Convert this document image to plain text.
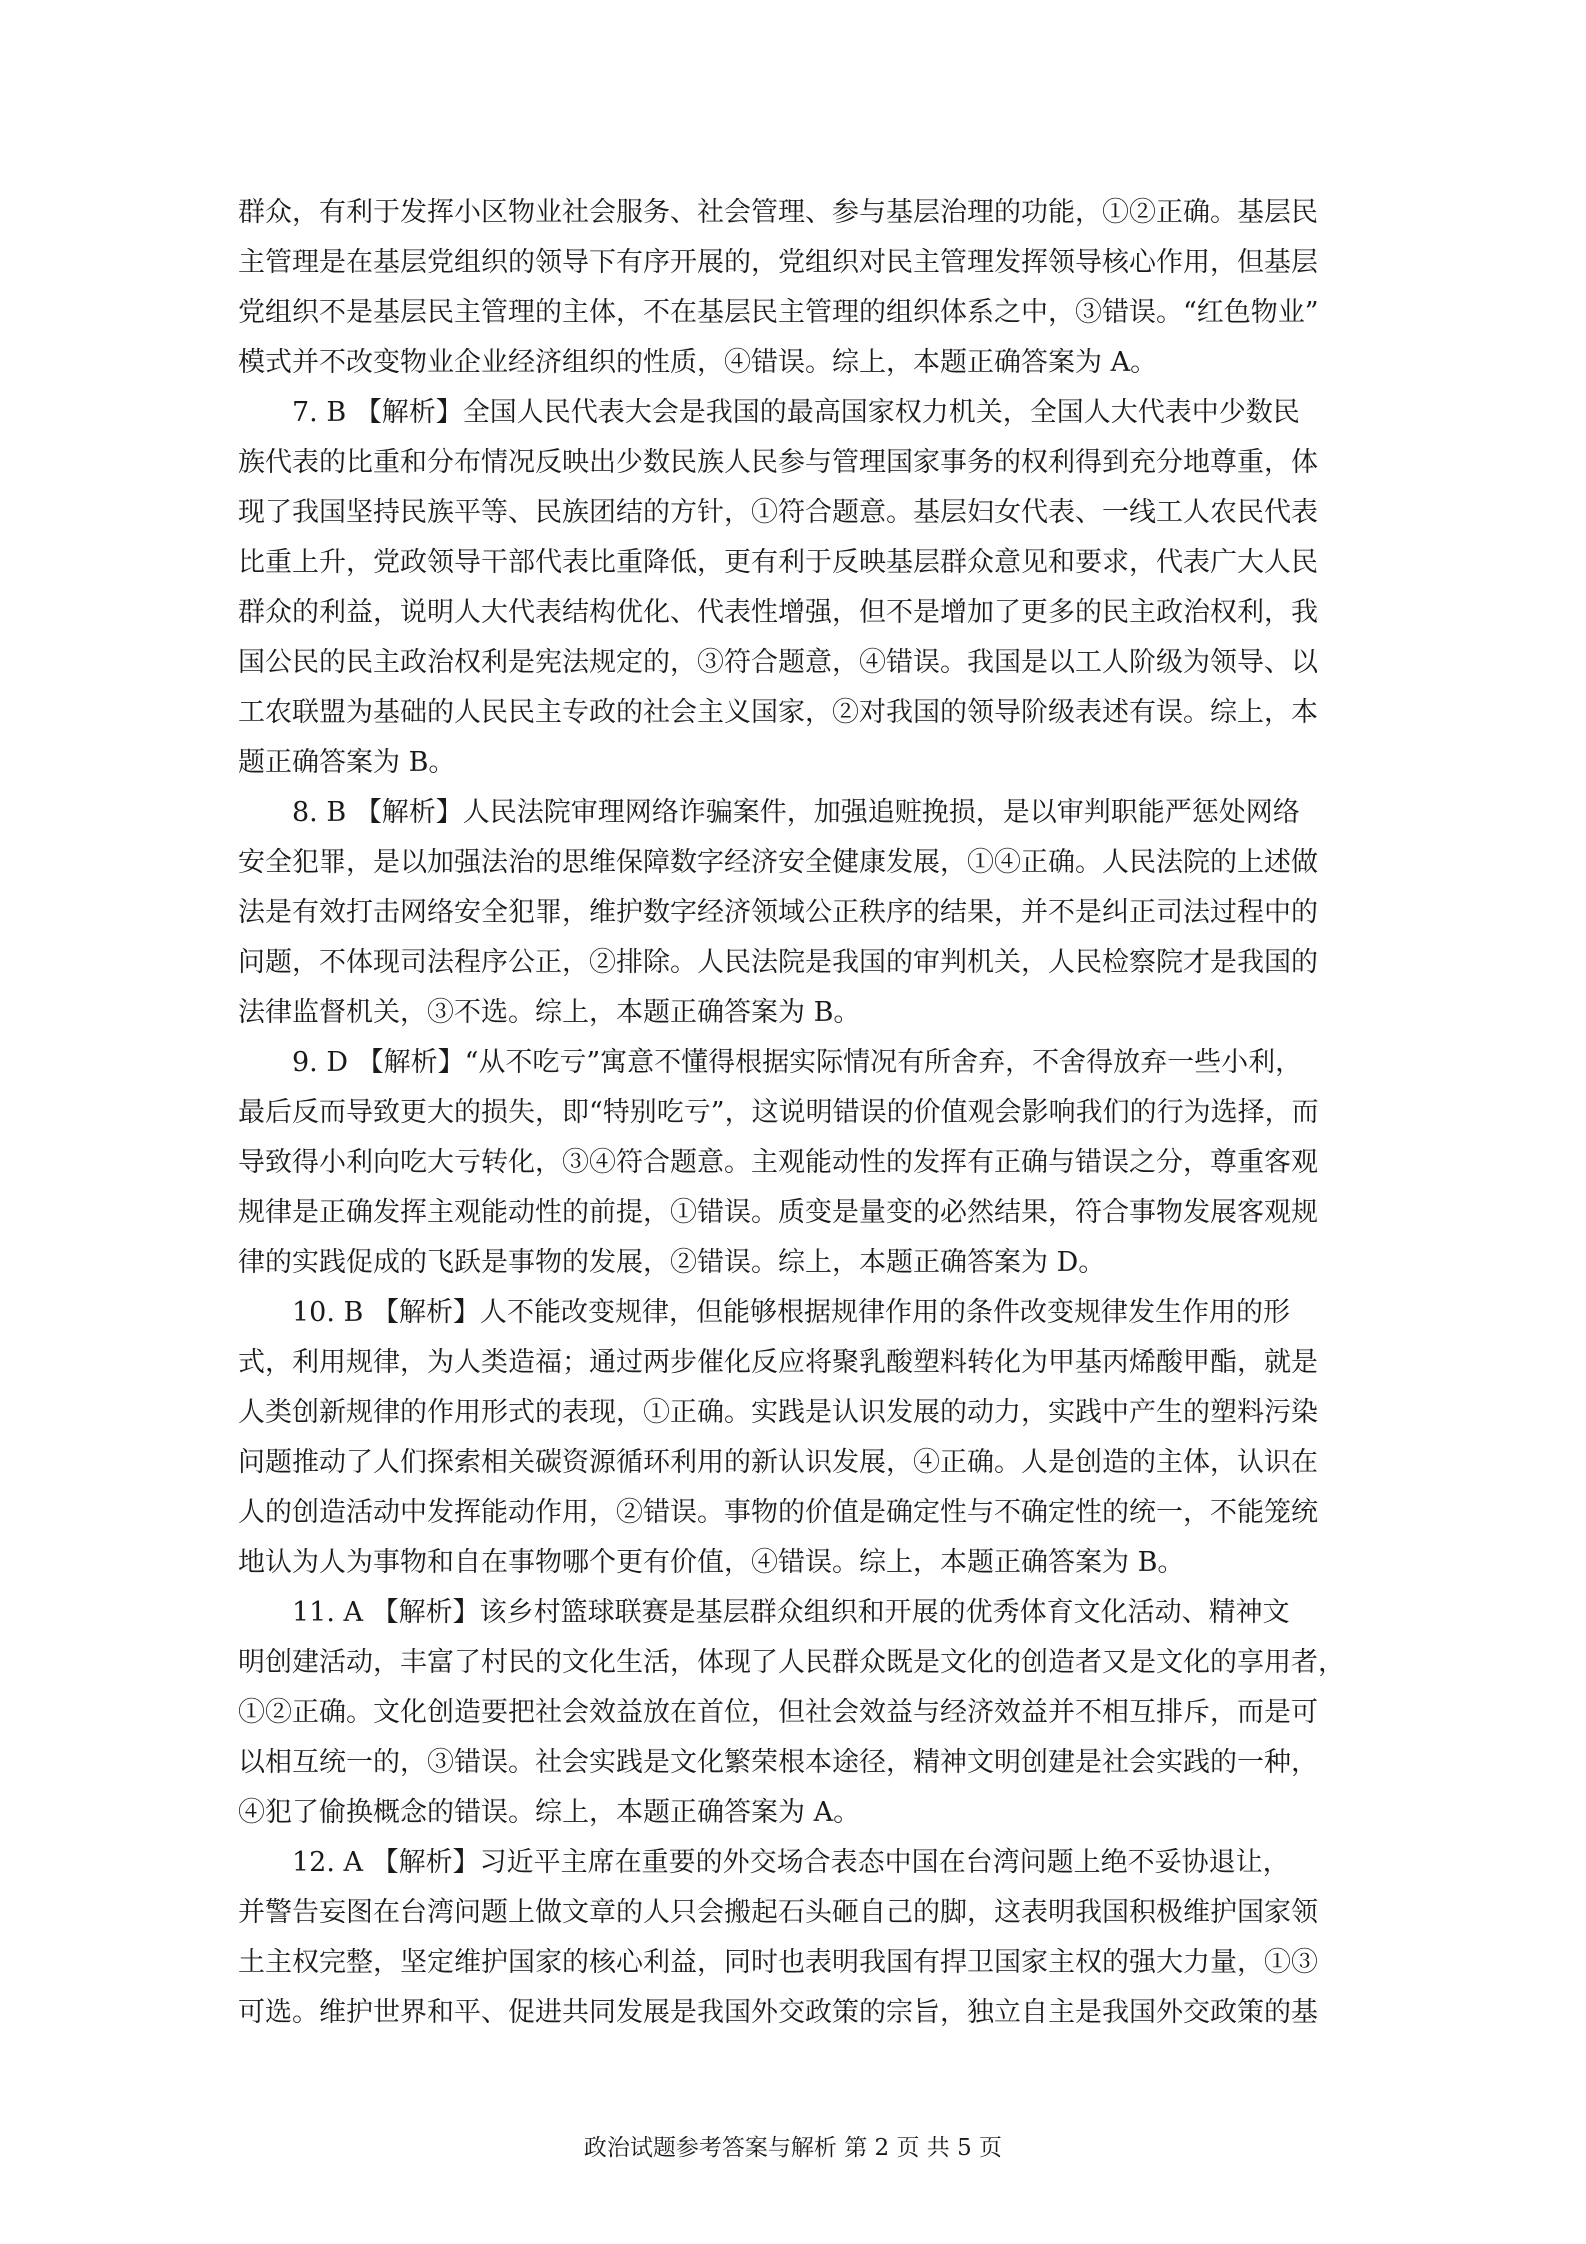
群众，有利于发挥小区物业社会服务、社会管理、参与基层治理的功能，①②正确。基层民
主管理是在基层党组织的领导下有序开展的，党组织对民主管理发挥领导核心作用，但基层
党组织不是基层民主管理的主体，不在基层民主管理的组织体系之中，③错误。“红色物业”
模式并不改变物业企业经济组织的性质，④错误。综上，本题正确答案为 A。
7. B 【解析】全国人民代表大会是我国的最高国家权力机关，全国人大代表中少数民
族代表的比重和分布情况反映出少数民族人民参与管理国家事务的权利得到充分地尊重，体
现了我国坚持民族平等、民族团结的方针，①符合题意。基层妇女代表、一线工人农民代表
比重上升，党政领导干部代表比重降低，更有利于反映基层群众意见和要求，代表广大人民
群众的利益，说明人大代表结构优化、代表性增强，但不是增加了更多的民主政治权利，我
国公民的民主政治权利是宪法规定的，③符合题意，④错误。我国是以工人阶级为领导、以
工农联盟为基础的人民民主专政的社会主义国家，②对我国的领导阶级表述有误。综上，本
题正确答案为 B。
8. B 【解析】人民法院审理网络诈骗案件，加强追赃挽损，是以审判职能严惩处网络
安全犯罪，是以加强法治的思维保障数字经济安全健康发展，①④正确。人民法院的上述做
法是有效打击网络安全犯罪，维护数字经济领域公正秩序的结果，并不是纠正司法过程中的
问题，不体现司法程序公正，②排除。人民法院是我国的审判机关，人民检察院才是我国的
法律监督机关，③不选。综上，本题正确答案为 B。
9. D 【解析】“从不吃亏”寓意不懂得根据实际情况有所舍弃，不舍得放弃一些小利，
最后反而导致更大的损失，即“特别吃亏”，这说明错误的价值观会影响我们的行为选择，而
导致得小利向吃大亏转化，③④符合题意。主观能动性的发挥有正确与错误之分，尊重客观
规律是正确发挥主观能动性的前提，①错误。质变是量变的必然结果，符合事物发展客观规
律的实践促成的飞跃是事物的发展，②错误。综上，本题正确答案为 D。
10. B 【解析】人不能改变规律，但能够根据规律作用的条件改变规律发生作用的形
式，利用规律，为人类造福；通过两步催化反应将聚乳酸塑料转化为甲基丙烯酸甲酯，就是
人类创新规律的作用形式的表现，①正确。实践是认识发展的动力，实践中产生的塑料污染
问题推动了人们探索相关碳资源循环利用的新认识发展，④正确。人是创造的主体，认识在
人的创造活动中发挥能动作用，②错误。事物的价值是确定性与不确定性的统一，不能笼统
地认为人为事物和自在事物哪个更有价值，④错误。综上，本题正确答案为 B。
11. A 【解析】该乡村篮球联赛是基层群众组织和开展的优秀体育文化活动、精神文
明创建活动，丰富了村民的文化生活，体现了人民群众既是文化的创造者又是文化的享用者，
①②正确。文化创造要把社会效益放在首位，但社会效益与经济效益并不相互排斥，而是可
以相互统一的，③错误。社会实践是文化繁荣根本途径，精神文明创建是社会实践的一种，
④犯了偷换概念的错误。综上，本题正确答案为 A。
12. A 【解析】习近平主席在重要的外交场合表态中国在台湾问题上绝不妥协退让，
并警告妄图在台湾问题上做文章的人只会搬起石头砸自己的脚，这表明我国积极维护国家领
土主权完整，坚定维护国家的核心利益，同时也表明我国有捍卫国家主权的强大力量，①③
可选。维护世界和平、促进共同发展是我国外交政策的宗旨，独立自主是我国外交政策的基
政治试题参考答案与解析 第 2 页 共 5 页
